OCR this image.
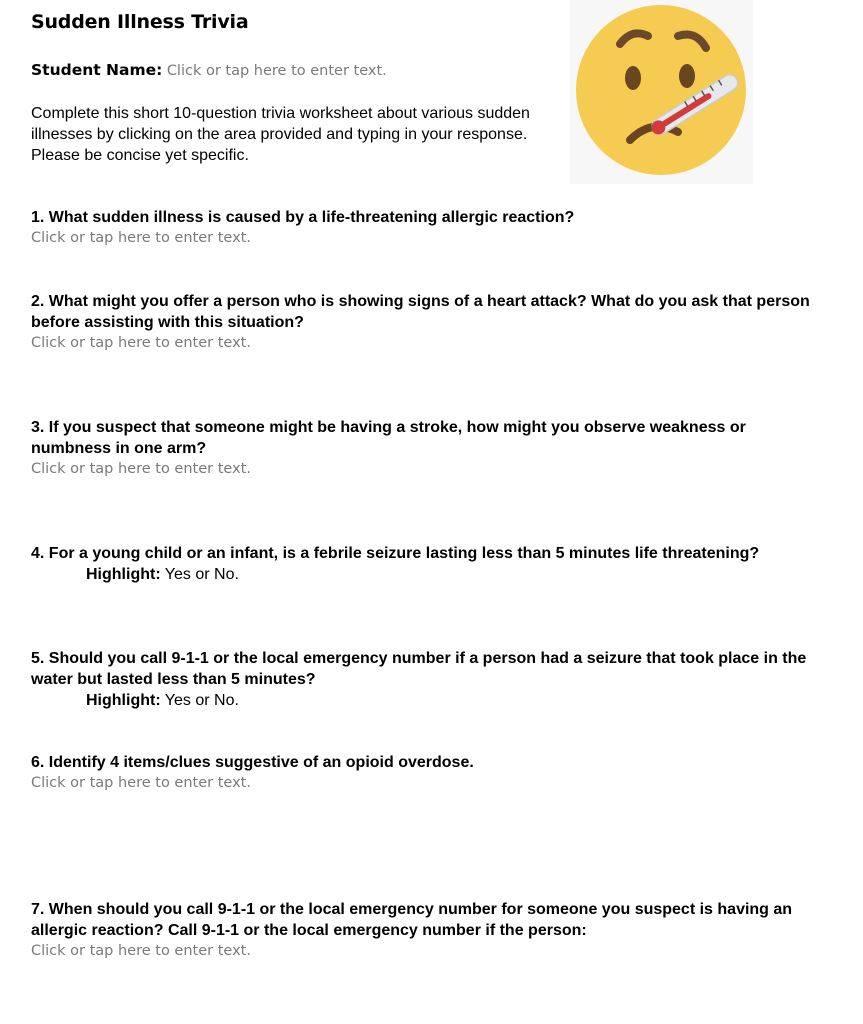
Sudden Illness Trivia
Student Name: Click or tap here to enter text.
Complete this short 10-question trivia worksheet about various sudden illnesses by clicking on the area provided and typing in your response. Please be concise yet specific.
1. What sudden illness is caused by a life-threatening allergic reaction?
Click or tap here to enter text.
2. What might you offer a person who is showing signs of a heart attack? What do you ask that person before assisting with this situation?
Click or tap here to enter text.
3. If you suspect that someone might be having a stroke, how might you observe weakness or numbness in one arm?
Click or tap here to enter text.
4. For a young child or an infant, is a febrile seizure lasting less than 5 minutes life threatening?
Highlight: Yes or No.
5. Should you call 9-1-1 or the local emergency number if a person had a seizure that took place in the water but lasted less than 5 minutes?
Highlight: Yes or No.
6. Identify 4 items/clues suggestive of an opioid overdose.
Click or tap here to enter text.
7. When should you call 9-1-1 or the local emergency number for someone you suspect is having an allergic reaction? Call 9-1-1 or the local emergency number if the person:
Click or tap here to enter text.
